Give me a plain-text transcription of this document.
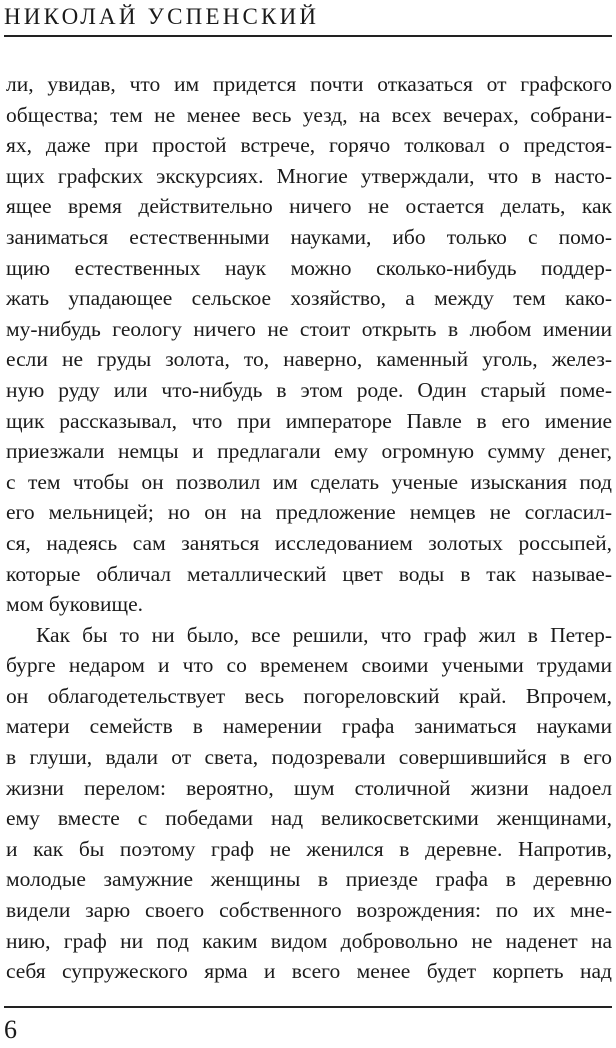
НИКОЛАЙ УСПЕНСКИЙ
ли, увидав, что им придется почти отказаться от графского
общества; тем не менее весь уезд, на всех вечерах, собрани-
ях, даже при простой встрече, горячо толковал о предстоя-
щих графских экскурсиях. Многие утверждали, что в насто-
ящее время действительно ничего не остается делать, как
заниматься естественными науками, ибо только с помо-
щию естественных наук можно сколько-нибудь поддер-
жать упадающее сельское хозяйство, а между тем како-
му-нибудь геологу ничего не стоит открыть в любом имении
если не груды золота, то, наверно, каменный уголь, желез-
ную руду или что-нибудь в этом роде. Один старый поме-
щик рассказывал, что при императоре Павле в его имение
приезжали немцы и предлагали ему огромную сумму денег,
с тем чтобы он позволил им сделать ученые изыскания под
его мельницей; но он на предложение немцев не согласил-
ся, надеясь сам заняться исследованием золотых россыпей,
которые обличал металлический цвет воды в так называе-
мом буковище.
Как бы то ни было, все решили, что граф жил в Петер-
бурге недаром и что со временем своими учеными трудами
он облагодетельствует весь погореловский край. Впрочем,
матери семейств в намерении графа заниматься науками
в глуши, вдали от света, подозревали совершившийся в его
жизни перелом: вероятно, шум столичной жизни надоел
ему вместе с победами над великосветскими женщинами,
и как бы поэтому граф не женился в деревне. Напротив,
молодые замужние женщины в приезде графа в деревню
видели зарю своего собственного возрождения: по их мне-
нию, граф ни под каким видом добровольно не наденет на
себя супружеского ярма и всего менее будет корпеть над
6
